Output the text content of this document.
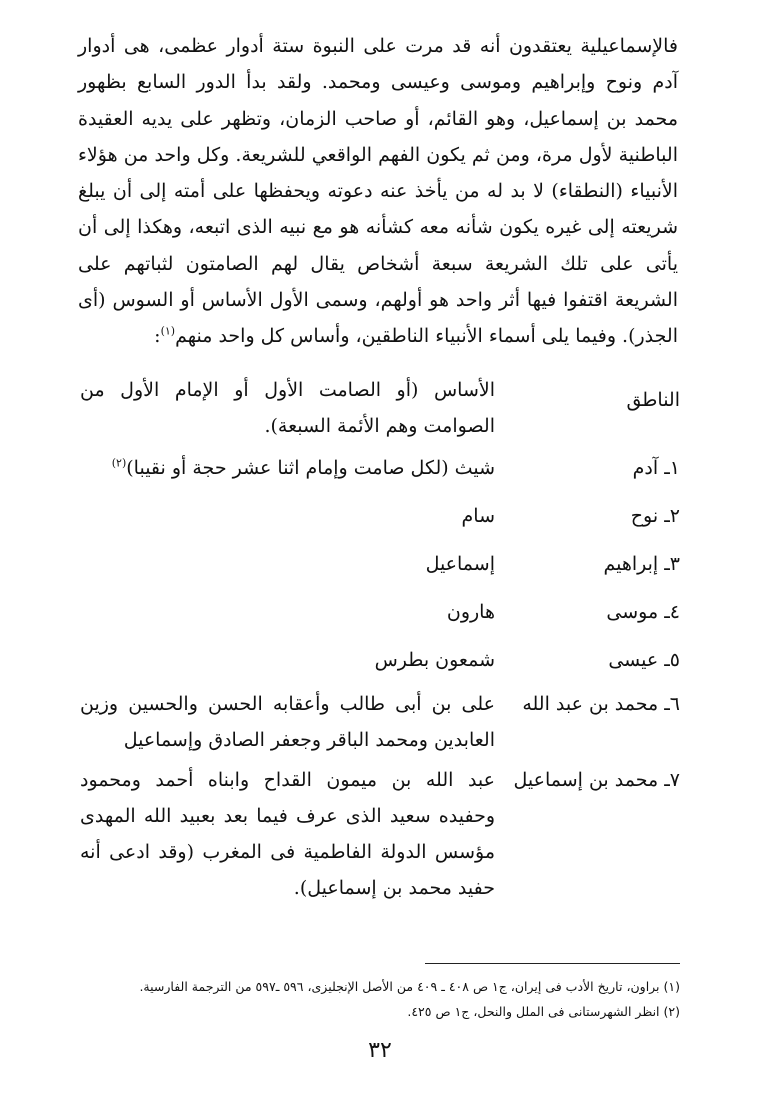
فالإسماعيلية يعتقدون أنه قد مرت على النبوة ستة أدوار عظمى، هى أدوار آدم ونوح وإبراهيم وموسى وعيسى ومحمد. ولقد بدأ الدور السابع بظهور محمد بن إسماعيل، وهو القائم، أو صاحب الزمان، وتظهر على يديه العقيدة الباطنية لأول مرة، ومن ثم يكون الفهم الواقعي للشريعة. وكل واحد من هؤلاء الأنبياء (النطقاء) لا بد له من يأخذ عنه دعوته ويحفظها على أمته إلى أن يبلغ شريعته إلى غيره يكون شأنه معه كشأنه هو مع نبيه الذى اتبعه، وهكذا إلى أن يأتى على تلك الشريعة سبعة أشخاص يقال لهم الصامتون لثباتهم على الشريعة اقتفوا فيها أثر واحد هو أولهم، وسمى الأول الأساس أو السوس (أى الجذر). وفيما يلى أسماء الأنبياء الناطقين، وأساس كل واحد منهم$^{(١)}$:
الناطق
الأساس (أو الصامت الأول أو الإمام الأول من الصوامت وهم الأئمة السبعة).
١ـ آدم
شيث (لكل صامت وإمام اثنا عشر حجة أو نقيبا)$^{(٢)}$
٢ـ نوح
سام
٣ـ إبراهيم
إسماعيل
٤ـ موسى
هارون
٥ـ عيسى
شمعون بطرس
٦ـ محمد بن عبد الله
على بن أبى طالب وأعقابه الحسن والحسين وزين العابدين ومحمد الباقر وجعفر الصادق وإسماعيل
٧ـ محمد بن إسماعيل
عبد الله بن ميمون القداح وابناه أحمد ومحمود وحفيده سعيد الذى عرف فيما بعد بعبيد الله المهدى مؤسس الدولة الفاطمية فى المغرب (وقد ادعى أنه حفيد محمد بن إسماعيل).
(١) براون، تاريخ الأدب فى إيران، ج١ ص ٤٠٨ ـ ٤٠٩ من الأصل الإنجليزى، ٥٩٦ ـ٥٩٧ من الترجمة الفارسية.
(٢) انظر الشهرستانى فى الملل والنحل، ج١ ص ٤٢٥.
٣٢
